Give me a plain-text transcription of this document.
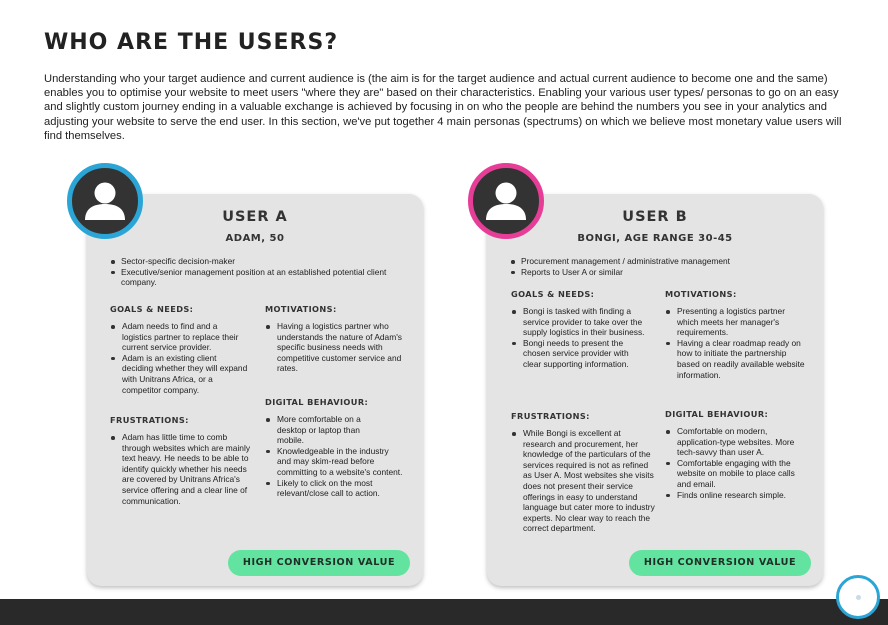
WHO ARE THE USERS?

Understanding who your target audience and current audience is (the aim is for the target audience and actual current audience to become one and the same) enables you to optimise your website to meet users "where they are" based on their characteristics. Enabling your various user types/ personas to go on an easy and slightly custom journey ending in a valuable exchange is achieved by focusing in on who the people are behind the numbers you see in your analytics and adjusting your website to serve the end user. In this section, we've put together 4 main personas (spectrums) on which we believe most monetary value users will find themselves.

USER A
ADAM, 50
Sector-specific decision-maker
Executive/senior management position at an established potential client company.
GOALS & NEEDS:
Adam needs to find and a logistics partner to replace their current service provider.
Adam is an existing client deciding whether they will expand with Unitrans Africa, or a competitor company.
MOTIVATIONS:
Having a logistics partner who understands the nature of Adam's specific business needs with competitive customer service and rates.
FRUSTRATIONS:
Adam has little time to comb through websites which are mainly text heavy. He needs to be able to identify quickly whether his needs are covered by Unitrans Africa's service offering and a clear line of communication.
DIGITAL BEHAVIOUR:
More comfortable on a desktop or laptop than mobile.
Knowledgeable in the industry and may skim-read before committing to a website's content.
Likely to click on the most relevant/close call to action.
HIGH CONVERSION VALUE
USER B
BONGI, AGE RANGE 30-45
Procurement management / administrative management
Reports to User A or similar
GOALS & NEEDS:
Bongi is tasked with finding a service provider to take over the supply logistics in their business.
Bongi needs to present the chosen service provider with clear supporting information.
MOTIVATIONS:
Presenting a logistics partner which meets her manager's requirements.
Having a clear roadmap ready on how to initiate the partnership based on readily available website information.
FRUSTRATIONS:
While Bongi is excellent at research and procurement, her knowledge of the particulars of the services required is not as refined as User A. Most websites she visits does not present their service offerings in easy to understand language but cater more to industry experts. No clear way to reach the correct department.
DIGITAL BEHAVIOUR:
Comfortable on modern, application-type websites. More tech-savvy than user A.
Comfortable engaging with the website on mobile to place calls and email.
Finds online research simple.
HIGH CONVERSION VALUE
